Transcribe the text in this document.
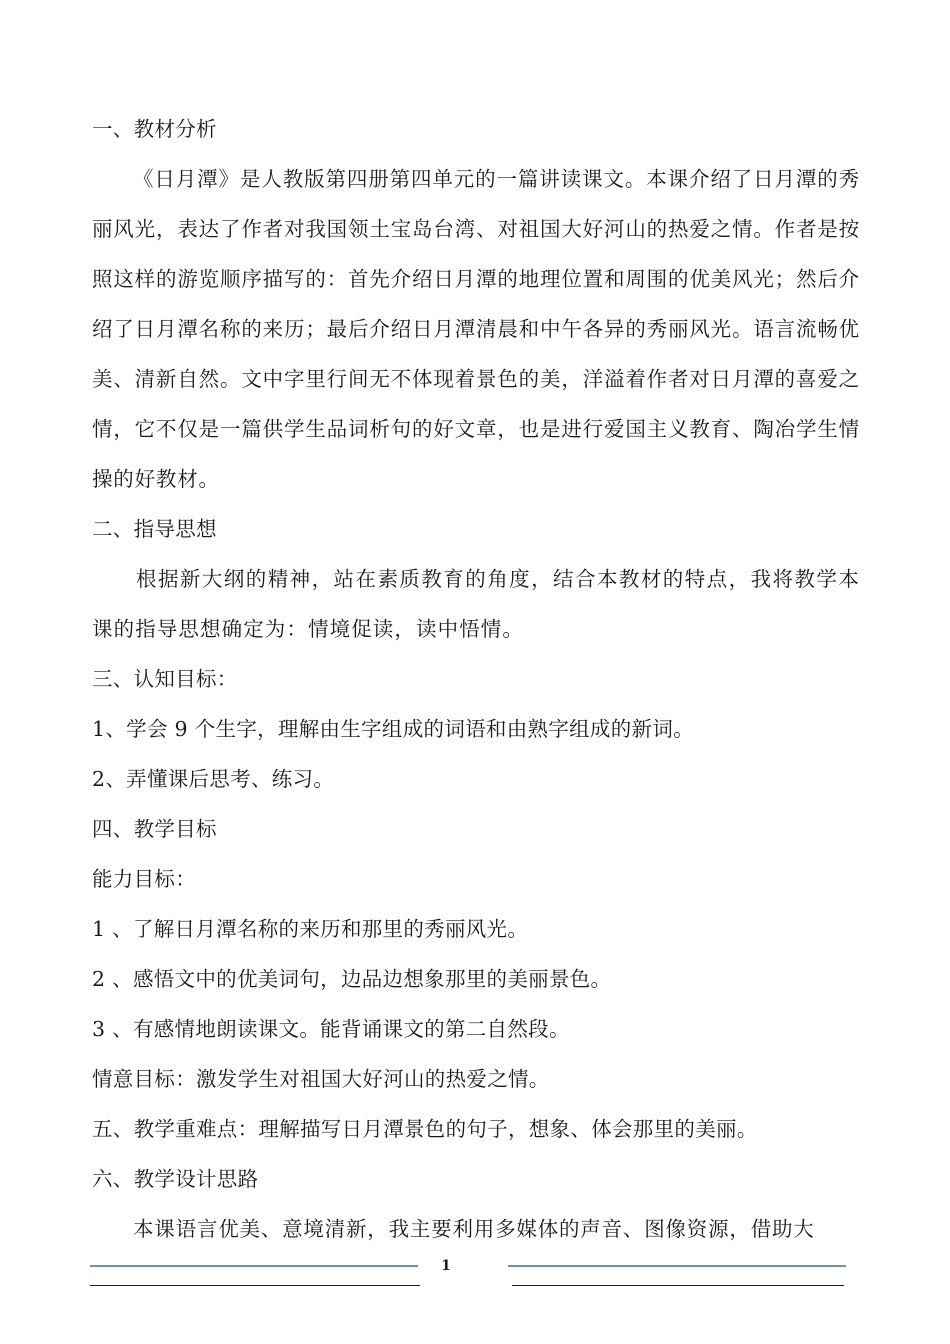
一、教材分析
《日月潭》是人教版第四册第四单元的一篇讲读课文。本课介绍了日月潭的秀丽风光，表达了作者对我国领土宝岛台湾、对祖国大好河山的热爱之情。作者是按照这样的游览顺序描写的：首先介绍日月潭的地理位置和周围的优美风光；然后介绍了日月潭名称的来历；最后介绍日月潭清晨和中午各异的秀丽风光。语言流畅优美、清新自然。文中字里行间无不体现着景色的美，洋溢着作者对日月潭的喜爱之情，它不仅是一篇供学生品词析句的好文章，也是进行爱国主义教育、陶冶学生情操的好教材。
二、指导思想
根据新大纲的精神，站在素质教育的角度，结合本教材的特点，我将教学本课的指导思想确定为：情境促读，读中悟情。
三、认知目标：
1、学会 9 个生字，理解由生字组成的词语和由熟字组成的新词。
2、弄懂课后思考、练习。
四、教学目标
能力目标：
1 、了解日月潭名称的来历和那里的秀丽风光。
2 、感悟文中的优美词句，边品边想象那里的美丽景色。
3 、有感情地朗读课文。能背诵课文的第二自然段。
情意目标：激发学生对祖国大好河山的热爱之情。
五、教学重难点：理解描写日月潭景色的句子，想象、体会那里的美丽。
六、教学设计思路
本课语言优美、意境清新，我主要利用多媒体的声音、图像资源，借助大
1
